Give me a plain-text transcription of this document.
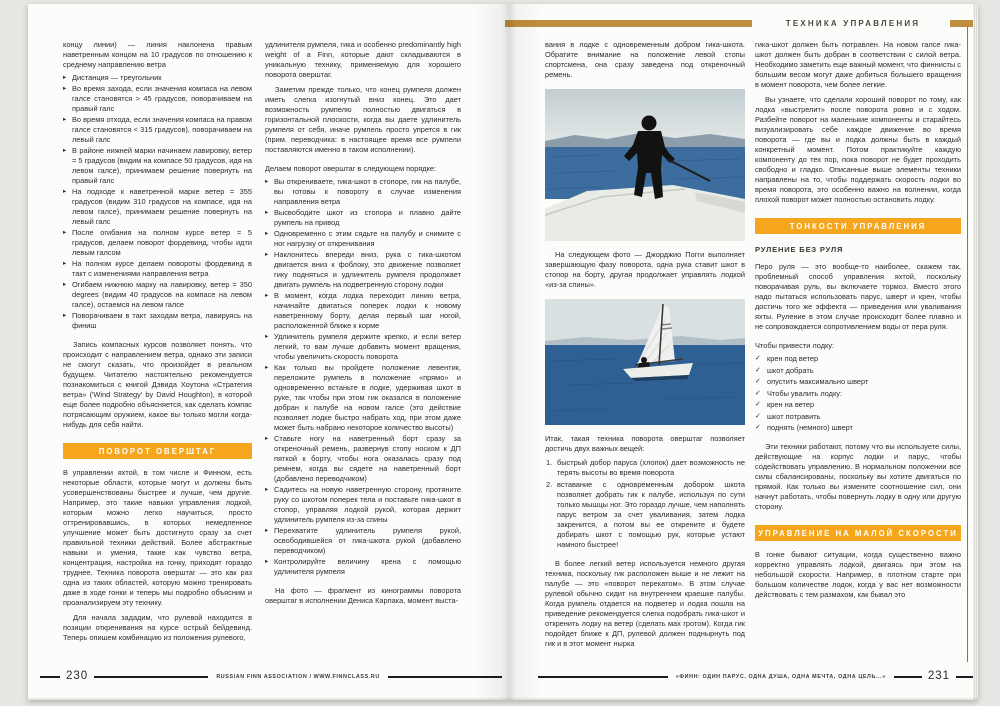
ТЕХНИКА УПРАВЛЕНИЯ

концу линии) — линия наклонена правым наветренным концом на 10 градусов по отношению к среднему направлению ветра

▸ Дистанция — треугольник
▸ Во время захода, если значения компаса на левом галсе становятся > 45 градусов, поворачиваем на правый галс
▸ Во время отхода, если значения компаса на правом галсе становятся < 315 градусов), поворачиваем на левый галс
▸ В районе нижней марки начинаем лавировку, ветер = 5 градусов (видим на компасе 50 градусов, идя на левом галсе), принимаем решение повернуть на правый галс
▸ На подходе к наветренной марке ветер = 355 градусов (видим 310 градусов на компасе, идя на левом галсе), принимаем решение повернуть на левый галс
▸ После огибания на полном курсе ветер = 5 градусов, делаем поворот фордевинд, чтобы идти левым галсом
▸ На полном курсе делаем повороты фордевинд в такт с изменениями направления ветра
▸ Огибаем нижнюю марку на лавировку, ветер = 350 degrees (видим 40 градусов на компасе на левом галсе), остаемся на левом галсе
▸ Поворачиваем в такт заходам ветра, лавируясь на финиш

Запись компасных курсов позволяет понять, что происходит с направлением ветра, однако эти записи не смогут сказать, что произойдет в реальном будущем. Читателю настоятельно рекомендуется познакомиться с книгой Дэвида Хоутона «Стратегия ветра» ('Wind Strategy' by David Houghton), в которой еще более подробно объясняется, как сделать компас потрясающим оружием, какое вы только могли когда-нибудь для себя найти.

ПОВОРОТ ОВЕРШТАГ

В управлении яхтой, в том числе и Финном, есть некоторые области, которые могут и должны быть усовершенствованы быстрее и лучше, чем другие. Например, это такие навыки управления лодкой, которым можно легко научиться, просто оттренировавшись, в которых немедленное улучшение может быть достигнуто сразу за счет правильной техники действий. Более абстрактные навыки и умения, такие как чувство ветра, концентрация, настройка на гонку, приходят гораздо труднее. Техника поворота оверштаг — это как раз одна из таких областей, которую можно тренировать даже в ходе гонки и теперь мы подробно объясним и проанализируем эту технику.

Для начала зададим, что рулевой находится в позиции откренивания на курсе острый бейдевинд. Теперь опишем комбинацию из положения рулевого,

удлинителя румпеля, гика и особенно predominantly high weight of a Finn, которые дают складываются в уникальную технику, применяемую для хорошего поворота оверштаг.

Заметим прежде только, что конец румпеля должен иметь слегка изогнутый вниз конец. Это дает возможность румпелю полностью двигаться в горизонтальной плоскости, когда вы даете удлинитель румпеля от себя, иначе румпель просто упрется в гик (прим. переводчика: в настоящее время все румпели поставляются именно в таком исполнении).

Делаем поворот оверштаг в следующем порядке:

▸ Вы открениваете, гика-шкот в стопоре, гик на палубе, вы готовы к повороту в случае изменения направления ветра
▸ Высвободите шкот из стопора и плавно дайте румпель на привод
▸ Одновременно с этим сядьте на палубу и снимите с ног нагрузку от откренивания
▸ Наклонитесь впереди вниз, рука с гика-шкотом двигается вниз к фоблоку, это движение позволяет гику подняться и удлинитель румпеля продолжает двигать румпель на подветренную сторону лодки
▸ В момент, когда лодка переходит линию ветра, начинайте двигаться поперек лодки к новому наветренному борту, делая первый шаг ногой, расположенной ближе к корме
▸ Удлинитель румпеля держите крепко, и если ветер легкий, то вам лучше добавить момент вращения, чтобы увеличить скорость поворота
▸ Как только вы пройдете положение левентик, переложите румпель в положение «прямо» и одновременно встаньте в лодке, удерживая шкот в руке, так чтобы при этом гик оказался в положение добран к палубе на новом галсе (это действие позволяет лодке быстро набрать ход, при этом даже может быть набрано некоторое количество высоты)
▸ Ставьте ногу на наветренный борт сразу за откреночный ремень, развернув стопу носком к ДП пяткой к борту, чтобы нога оказалась сразу под ремнем, когда вы сядете на наветренный борт (добавлено переводчиком)
▸ Садитесь на новую наветренную сторону, протяните руку со шкотом поперек тела и поставьте гика-шкот в стопор, управляя лодкой рукой, которая держит удлинитель румпеля из-за спины
▸ Перехватите удлинитель румпеля рукой, освободившейся от гика-шкота рукой (добавлено переводчиком)
▸ Контролируйте величину крена с помощью удлинителя румпеля

На фото — фрагмент из кинограммы поворота оверштаг в исполнении Дениса Карпака, момент выста-

вания в лодке с одновременным добром гика-шкота. Обратите внимание на положение левой стопы спортсмена, она сразу заведена под откреночный ремень.

На следующем фото — Джорджио Погги выполняет завершающую фазу поворота, одна рука ставит шкот в стопор на борту, другая продолжает управлять лодкой «из-за спины».

Итак, такая техника поворота оверштаг позволяет достичь двух важных вещей:

быстрый добор паруса (хлопок) дает возможность не терять высоты во время поворота
вставание с одновременным добором шкота позволяет добрать гик к палубе, используя по сути только мышцы ног. Это гораздо лучше, чем наполнять парус ветром за счет уваливания, затем лодка закренится, а потом вы ее открените и будете добирать шкот с помощью рук, которые устают намного быстрее!

В более легкий ветер используется немного другая техника, поскольку гик расположен выше и не лежит на палубе — это «поворот перекатом». В этом случае рулевой обычно сидит на внутреннем краешке палубы. Когда румпель отдается на подветер и лодка пошла на приведение рекомендуется слегка подобрать гика-шкот и откренить лодку на ветер (сделать мах гротом). Когда гик подойдет ближе к ДП, рулевой должен поднырнуть под гик и в этот момент нырка

гика-шкот должен быть потравлен. На новом галсе гика-шкот должен быть добран в соответствии с силой ветра. Необходимо заметить еще важный момент, что финнисты с большим весом могут даже добиться большего вращения в момент поворота, чем более легкие.

Вы узнаете, что сделали хороший поворот по тому, как лодка «выстрелит» после поворота ровно и с ходом. Разбейте поворот на маленькие компоненты и старайтесь визуализировать себе каждое движение во время поворота — где вы и лодка должны быть в каждый конкретный момент. Потом практикуйте каждую компоненту до тех пор, пока поворот не будет проходить свободно и гладко. Описанные выше элементы техники направлены на то, чтобы поддержать скорость лодки во время поворота, это особенно важно на волнении, когда плохой поворот может полностью остановить лодку.

ТОНКОСТИ УПРАВЛЕНИЯ
РУЛЕНИЕ БЕЗ РУЛЯ

Перо руля — это вообще-то наиболее, скажем так, проблемный способ управления яхтой, поскольку поворачивая руль, вы включаете тормоз. Вместо этого надо пытаться использовать парус, шверт и крен, чтобы достичь того же эффекта — приведения или уваливания яхты. Руление в этом случае происходит более плавно и не сопровождается сопротивлением воды от пера руля.

Чтобы привести лодку:

✓ крен под ветер
✓ шкот добрать
✓ опустить максимально шверт
✓ Чтобы увалить лодку:
✓ крен на ветер
✓ шкот потравить
✓ поднять (немного) шверт

Эти техники работают, потому что вы используете силы, действующие на корпус лодки и парус, чтобы содействовать управлению. В нормальном положении все силы сбалансированы, поскольку вы хотите двигаться по прямой. Как только вы измените соотношение сил, они начнут работать, чтобы повернуть лодку в одну или другую сторону.

УПРАВЛЕНИЕ НА МАЛОЙ СКОРОСТИ

В гонке бывают ситуации, когда существенно важно корректно управлять лодкой, двигаясь при этом на небольшой скорости. Например, в плотном старте при большом количестве лодок, когда у вас нет возможности действовать с тем размахом, как бывал это

230	RUSSIAN FINN ASSOCIATION / WWW.FINNCLASS.RU	«ФИНН: ОДИН ПАРУС, ОДНА ДУША, ОДНА МЕЧТА, ОДНА ЦЕЛЬ...»	231
